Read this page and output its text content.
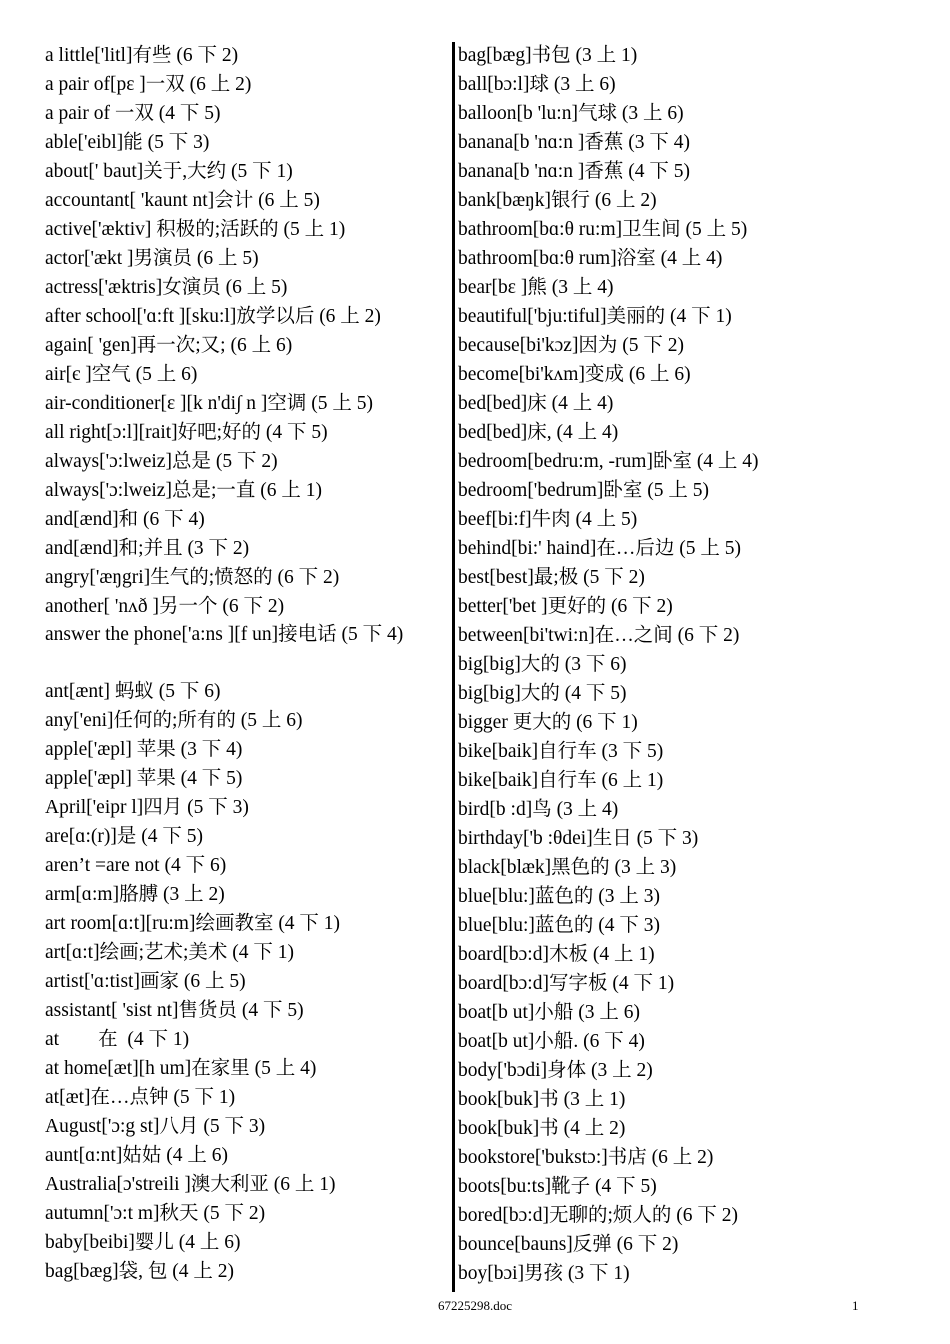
a little['litl]有些 (6 下 2)
a pair of[pɛ ]一双 (6 上 2)
a pair of 一双 (4 下 5)
able['eibl]能 (5 下 3)
about[' baut]关于,大约 (5 下 1)
accountant[ 'kaunt nt]会计 (6 上 5)
active['æktiv] 积极的;活跃的 (5 上 1)
actor['ækt ]男演员 (6 上 5)
actress['æktris]女演员 (6 上 5)
after school['ɑ:ft ][sku:l]放学以后 (6 上 2)
again[ 'gen]再一次;又; (6 上 6)
air[є ]空气 (5 上 6)
air-conditioner[ɛ ][k n'di∫ n ]空调 (5 上 5)
all right[ɔ:l][rait]好吧;好的 (4 下 5)
always['ɔ:lweiz]总是 (5 下 2)
always['ɔ:lweiz]总是;一直 (6 上 1)
and[ænd]和 (6 下 4)
and[ænd]和;并且 (3 下 2)
angry['æŋgri]生气的;愤怒的 (6 下 2)
another[ 'nʌð ]另一个 (6 下 2)
answer the phone['a:ns ][f un]接电话 (5 下 4)
ant[ænt] 蚂蚁 (5 下 6)
any['eni]任何的;所有的 (5 上 6)
apple['æpl] 苹果 (3 下 4)
apple['æpl] 苹果 (4 下 5)
April['eipr l]四月 (5 下 3)
are[ɑ:(r)]是 (4 下 5)
aren’t =are not (4 下 6)
arm[ɑ:m]胳膊 (3 上 2)
art room[ɑ:t][ru:m]绘画教室 (4 下 1)
art[ɑ:t]绘画;艺术;美术 (4 下 1)
artist['ɑ:tist]画家 (6 上 5)
assistant[ 'sist nt]售货员 (4 下 5)
at        在  (4 下 1)
at home[æt][h um]在家里 (5 上 4)
at[æt]在…点钟 (5 下 1)
August['ɔ:g st]八月 (5 下 3)
aunt[ɑ:nt]姑姑 (4 上 6)
Australia[ɔ'streili ]澳大利亚 (6 上 1)
autumn['ɔ:t m]秋天 (5 下 2)
baby[beibi]婴儿 (4 上 6)
bag[bæg]袋, 包 (4 上 2)
bag[bæg]书包 (3 上 1)
ball[bɔ:l]球 (3 上 6)
balloon[b 'lu:n]气球 (3 上 6)
banana[b 'nɑ:n ]香蕉 (3 下 4)
banana[b 'nɑ:n ]香蕉 (4 下 5)
bank[bæŋk]银行 (6 上 2)
bathroom[bɑ:θ ru:m]卫生间 (5 上 5)
bathroom[bɑ:θ rum]浴室 (4 上 4)
bear[bɛ ]熊 (3 上 4)
beautiful['bju:tiful]美丽的 (4 下 1)
because[bi'kɔz]因为 (5 下 2)
become[bi'kʌm]变成 (6 上 6)
bed[bed]床 (4 上 4)
bed[bed]床, (4 上 4)
bedroom[bedru:m, -rum]卧室 (4 上 4)
bedroom['bedrum]卧室 (5 上 5)
beef[bi:f]牛肉 (4 上 5)
behind[bi:' haind]在…后边 (5 上 5)
best[best]最;极 (5 下 2)
better['bet ]更好的 (6 下 2)
between[bi'twi:n]在…之间 (6 下 2)
big[big]大的 (3 下 6)
big[big]大的 (4 下 5)
bigger 更大的 (6 下 1)
bike[baik]自行车 (3 下 5)
bike[baik]自行车 (6 上 1)
bird[b :d]鸟 (3 上 4)
birthday['b :θdei]生日 (5 下 3)
black[blæk]黑色的 (3 上 3)
blue[blu:]蓝色的 (3 上 3)
blue[blu:]蓝色的 (4 下 3)
board[bɔ:d]木板 (4 上 1)
board[bɔ:d]写字板 (4 下 1)
boat[b ut]小船 (3 上 6)
boat[b ut]小船. (6 下 4)
body['bɔdi]身体 (3 上 2)
book[buk]书 (3 上 1)
book[buk]书 (4 上 2)
bookstore['bukstɔ:]书店 (6 上 2)
boots[bu:ts]靴子 (4 下 5)
bored[bɔ:d]无聊的;烦人的 (6 下 2)
bounce[bauns]反弹 (6 下 2)
boy[bɔi]男孩 (3 下 1)
67225298.doc	1
